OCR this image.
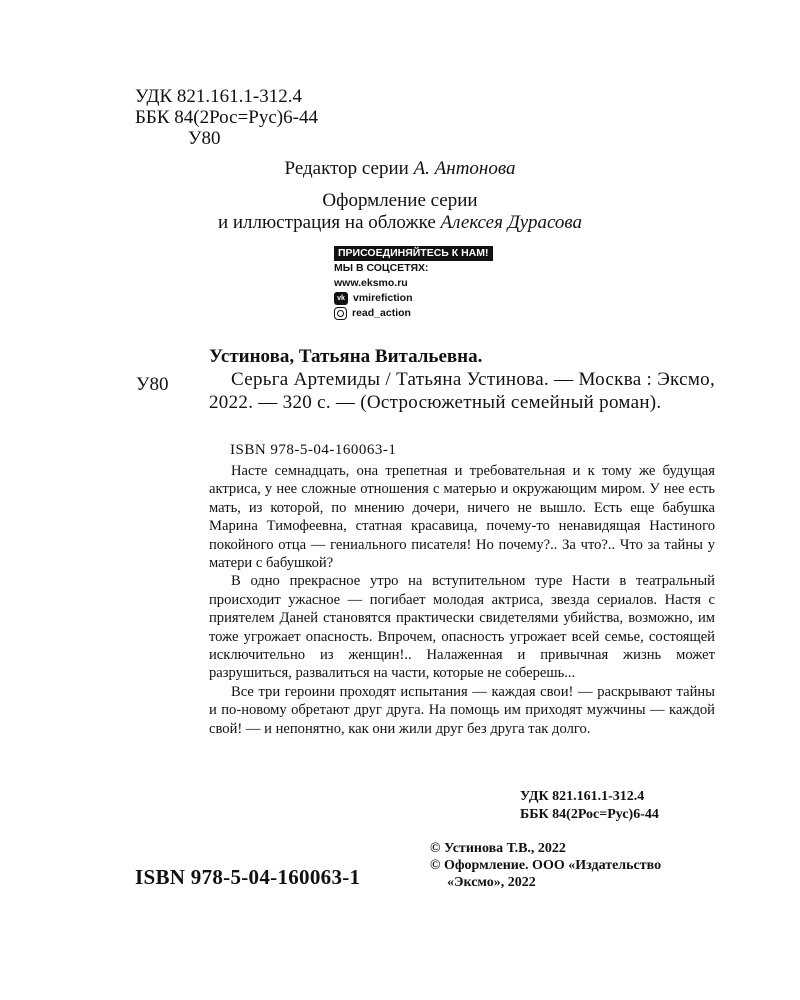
УДК 821.161.1-312.4
ББК 84(2Рос=Рус)6-44
У80
Редактор серии А. Антонова
Оформление серии
и иллюстрация на обложке Алексея Дурасова
ПРИСОЕДИНЯЙТЕСЬ К НАМ!
МЫ В СОЦСЕТЯХ:
www.eksmo.ru
vk vmirefiction
read_action
Устинова, Татьяна Витальевна.
У80	Серьга Артемиды / Татьяна Устинова. — Москва : Эксмо, 2022. — 320 с. — (Остросюжетный семейный роман).
ISBN 978-5-04-160063-1

Насте семнадцать, она трепетная и требовательная и к тому же будущая актриса, у нее сложные отношения с матерью и окружающим миром. У нее есть мать, из которой, по мнению дочери, ничего не вышло. Есть еще бабушка Марина Тимофеевна, статная красавица, почему-то ненавидящая Настиного покойного отца — гениального писателя! Но почему?.. За что?.. Что за тайны у матери с бабушкой?

В одно прекрасное утро на вступительном туре Насти в театральный происходит ужасное — погибает молодая актриса, звезда сериалов. Настя с приятелем Даней становятся практически свидетелями убийства, возможно, им тоже угрожает опасность. Впрочем, опасность угрожает всей семье, состоящей исключительно из женщин!.. Налаженная и привычная жизнь может разрушиться, развалиться на части, которые не соберешь...

Все три героини проходят испытания — каждая свои! — раскрывают тайны и по-новому обретают друг друга. На помощь им приходят мужчины — каждой свой! — и непонятно, как они жили друг без друга так долго.

УДК 821.161.1-312.4
ББК 84(2Рос=Рус)6-44
© Устинова Т.В., 2022
© Оформление. ООО «Издательство
«Эксмо», 2022
ISBN 978-5-04-160063-1
